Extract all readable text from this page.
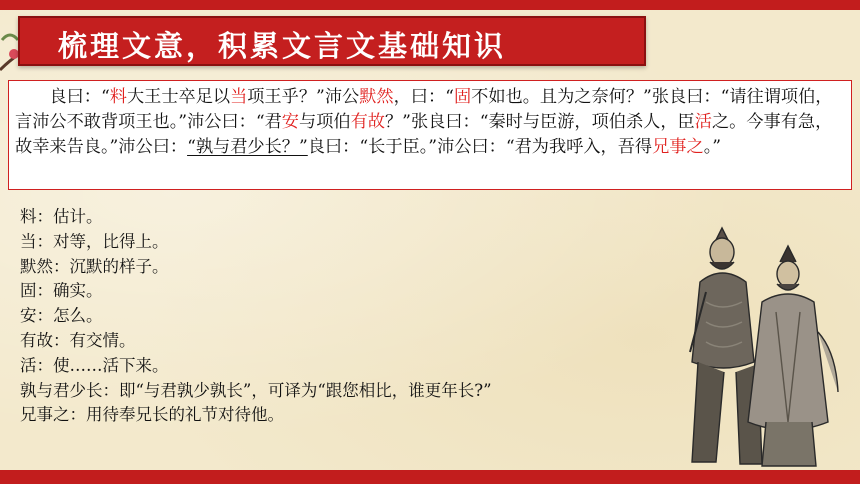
梳理文意，积累文言文基础知识

良曰：“料大王士卒足以当项王乎？”沛公默然，曰：“固不如也。且为之奈何？”张良曰：“请往谓项伯，言沛公不敢背项王也。”沛公曰：“君安与项伯有故？”张良曰：“秦时与臣游，项伯杀人，臣活之。今事有急，故幸来告良。”沛公曰：“孰与君少长？”良曰：“长于臣。”沛公曰：“君为我呼入，吾得兄事之。”

料：估计。
当：对等，比得上。
默然：沉默的样子。
固：确实。
安：怎么。
有故：有交情。
活：使……活下来。
孰与君少长：即“与君孰少孰长”，可译为“跟您相比，谁更年长?”
兄事之：用待奉兄长的礼节对待他。
